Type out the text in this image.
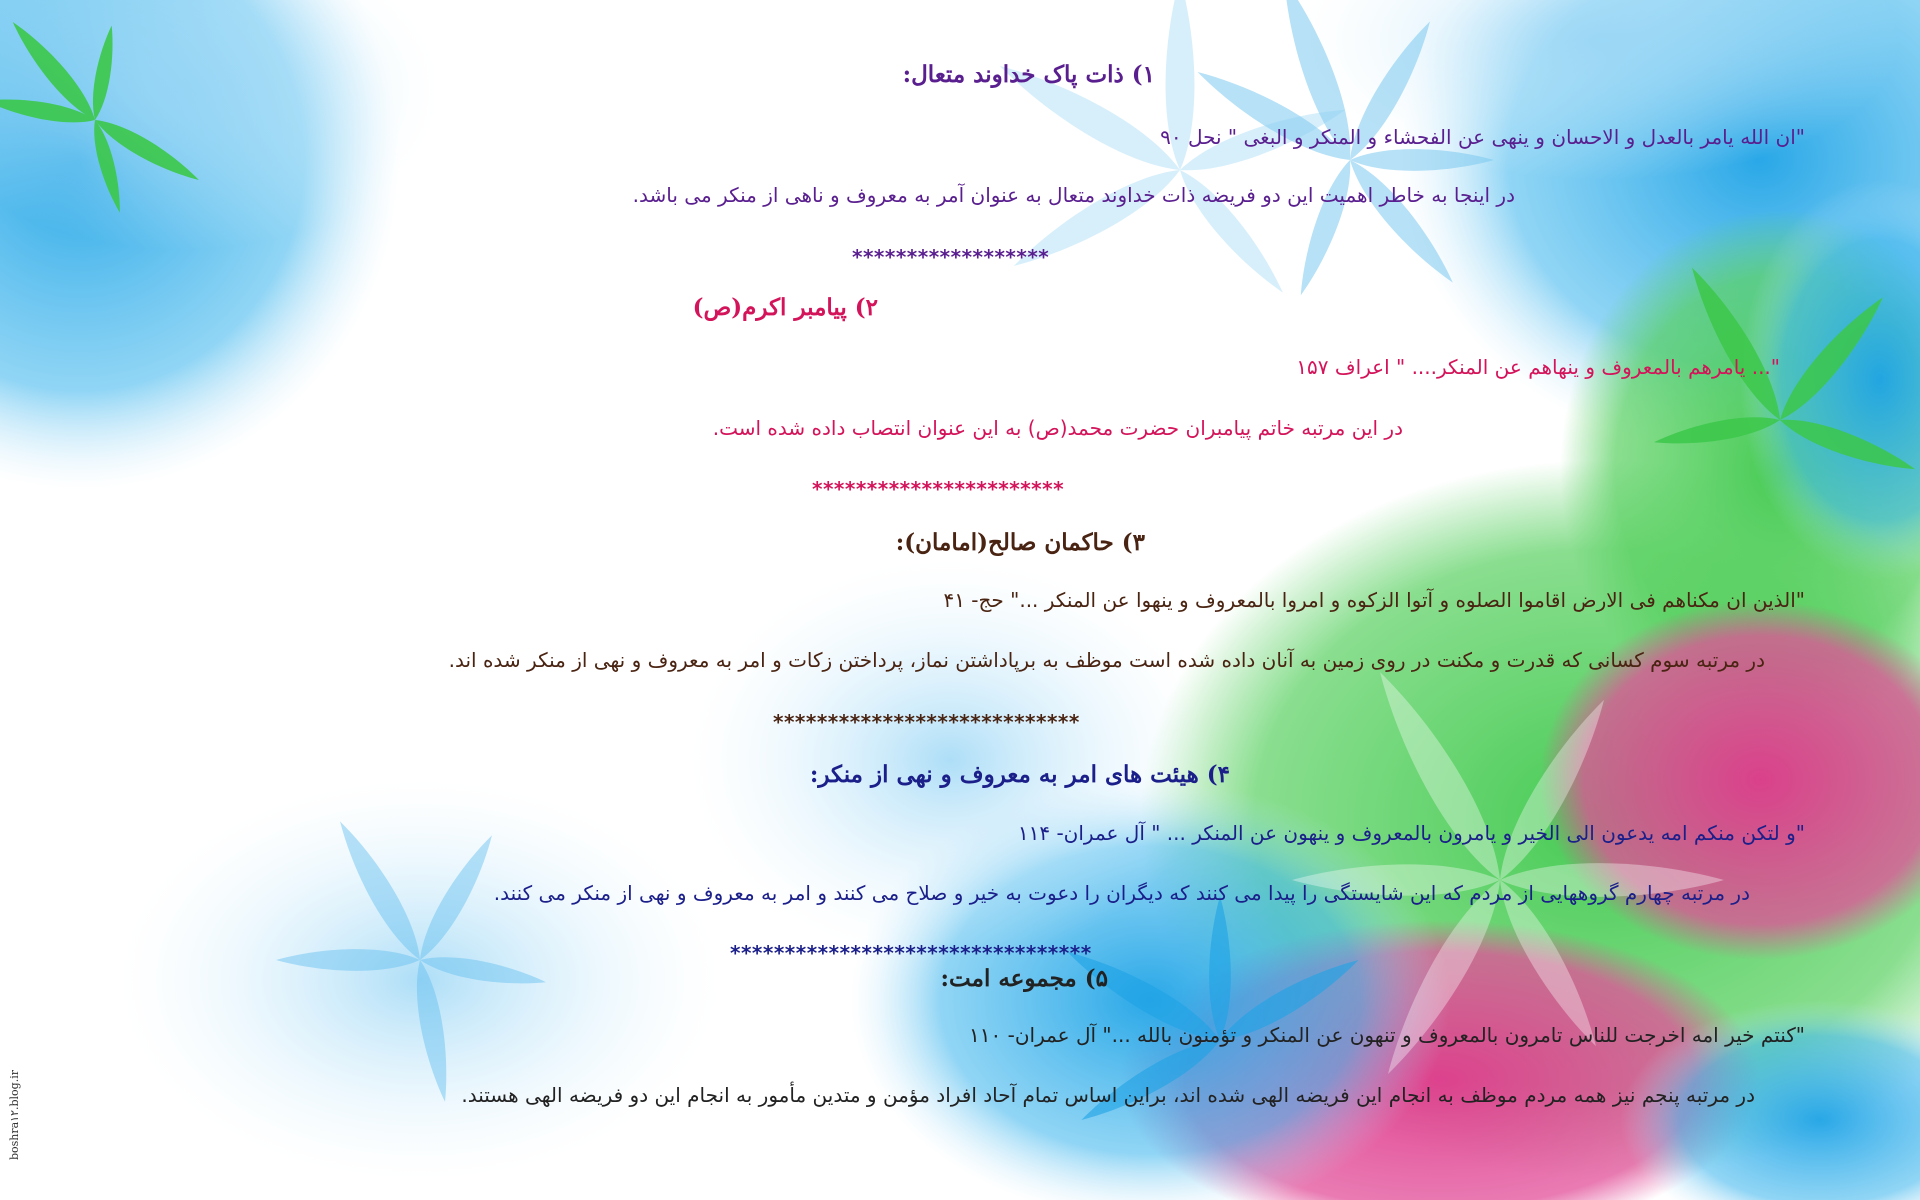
۱) ذات پاک خداوند متعال:
"ان الله یامر بالعدل و الاحسان و ینهی عن الفحشاء و المنکر و البغی " نحل ۹۰
در اینجا به خاطر اهمیت این دو فریضه ذات خداوند متعال به عنوان آمر به معروف و ناهی از منکر می باشد.
******************
۲) پیامبر اکرم(ص)
"... یامرهم بالمعروف و ینهاهم عن المنکر.... " اعراف ۱۵۷
در این مرتبه خاتم پیامبران حضرت محمد(ص) به این عنوان انتصاب داده شده است.
***********************
۳) حاکمان صالح(امامان):
"الذین ان مکناهم فی الارض اقاموا الصلوه و آتوا الزکوه و امروا بالمعروف و ینهوا عن المنکر ..." حج- ۴۱
در مرتبه سوم کسانی که قدرت و مکنت در روی زمین به آنان داده شده است موظف به برپاداشتن نماز، پرداختن زکات و امر به معروف و نهی از منکر شده اند.
****************************
۴) هیئت های امر به معروف و نهی از منکر:
"و لتکن منکم امه یدعون الی الخیر و یامرون بالمعروف و ینهون عن المنکر ... " آل عمران- ۱۱۴
در مرتبه چهارم گروههایی از مردم که این شایستگی را پیدا می کنند که دیگران را دعوت به خیر و صلاح می کنند و امر به معروف و نهی از منکر می کنند.
*********************************
۵) مجموعه امت:
"کنتم خیر امه اخرجت للناس تامرون بالمعروف و تنهون عن المنکر و تؤمنون بالله ..." آل عمران- ۱۱۰
در مرتبه پنجم نیز همه مردم موظف به انجام این فریضه الهی شده اند، براین اساس تمام آحاد افراد مؤمن و متدین مأمور به انجام این دو فریضه الهی هستند.
boshra۱۲.blog.ir
